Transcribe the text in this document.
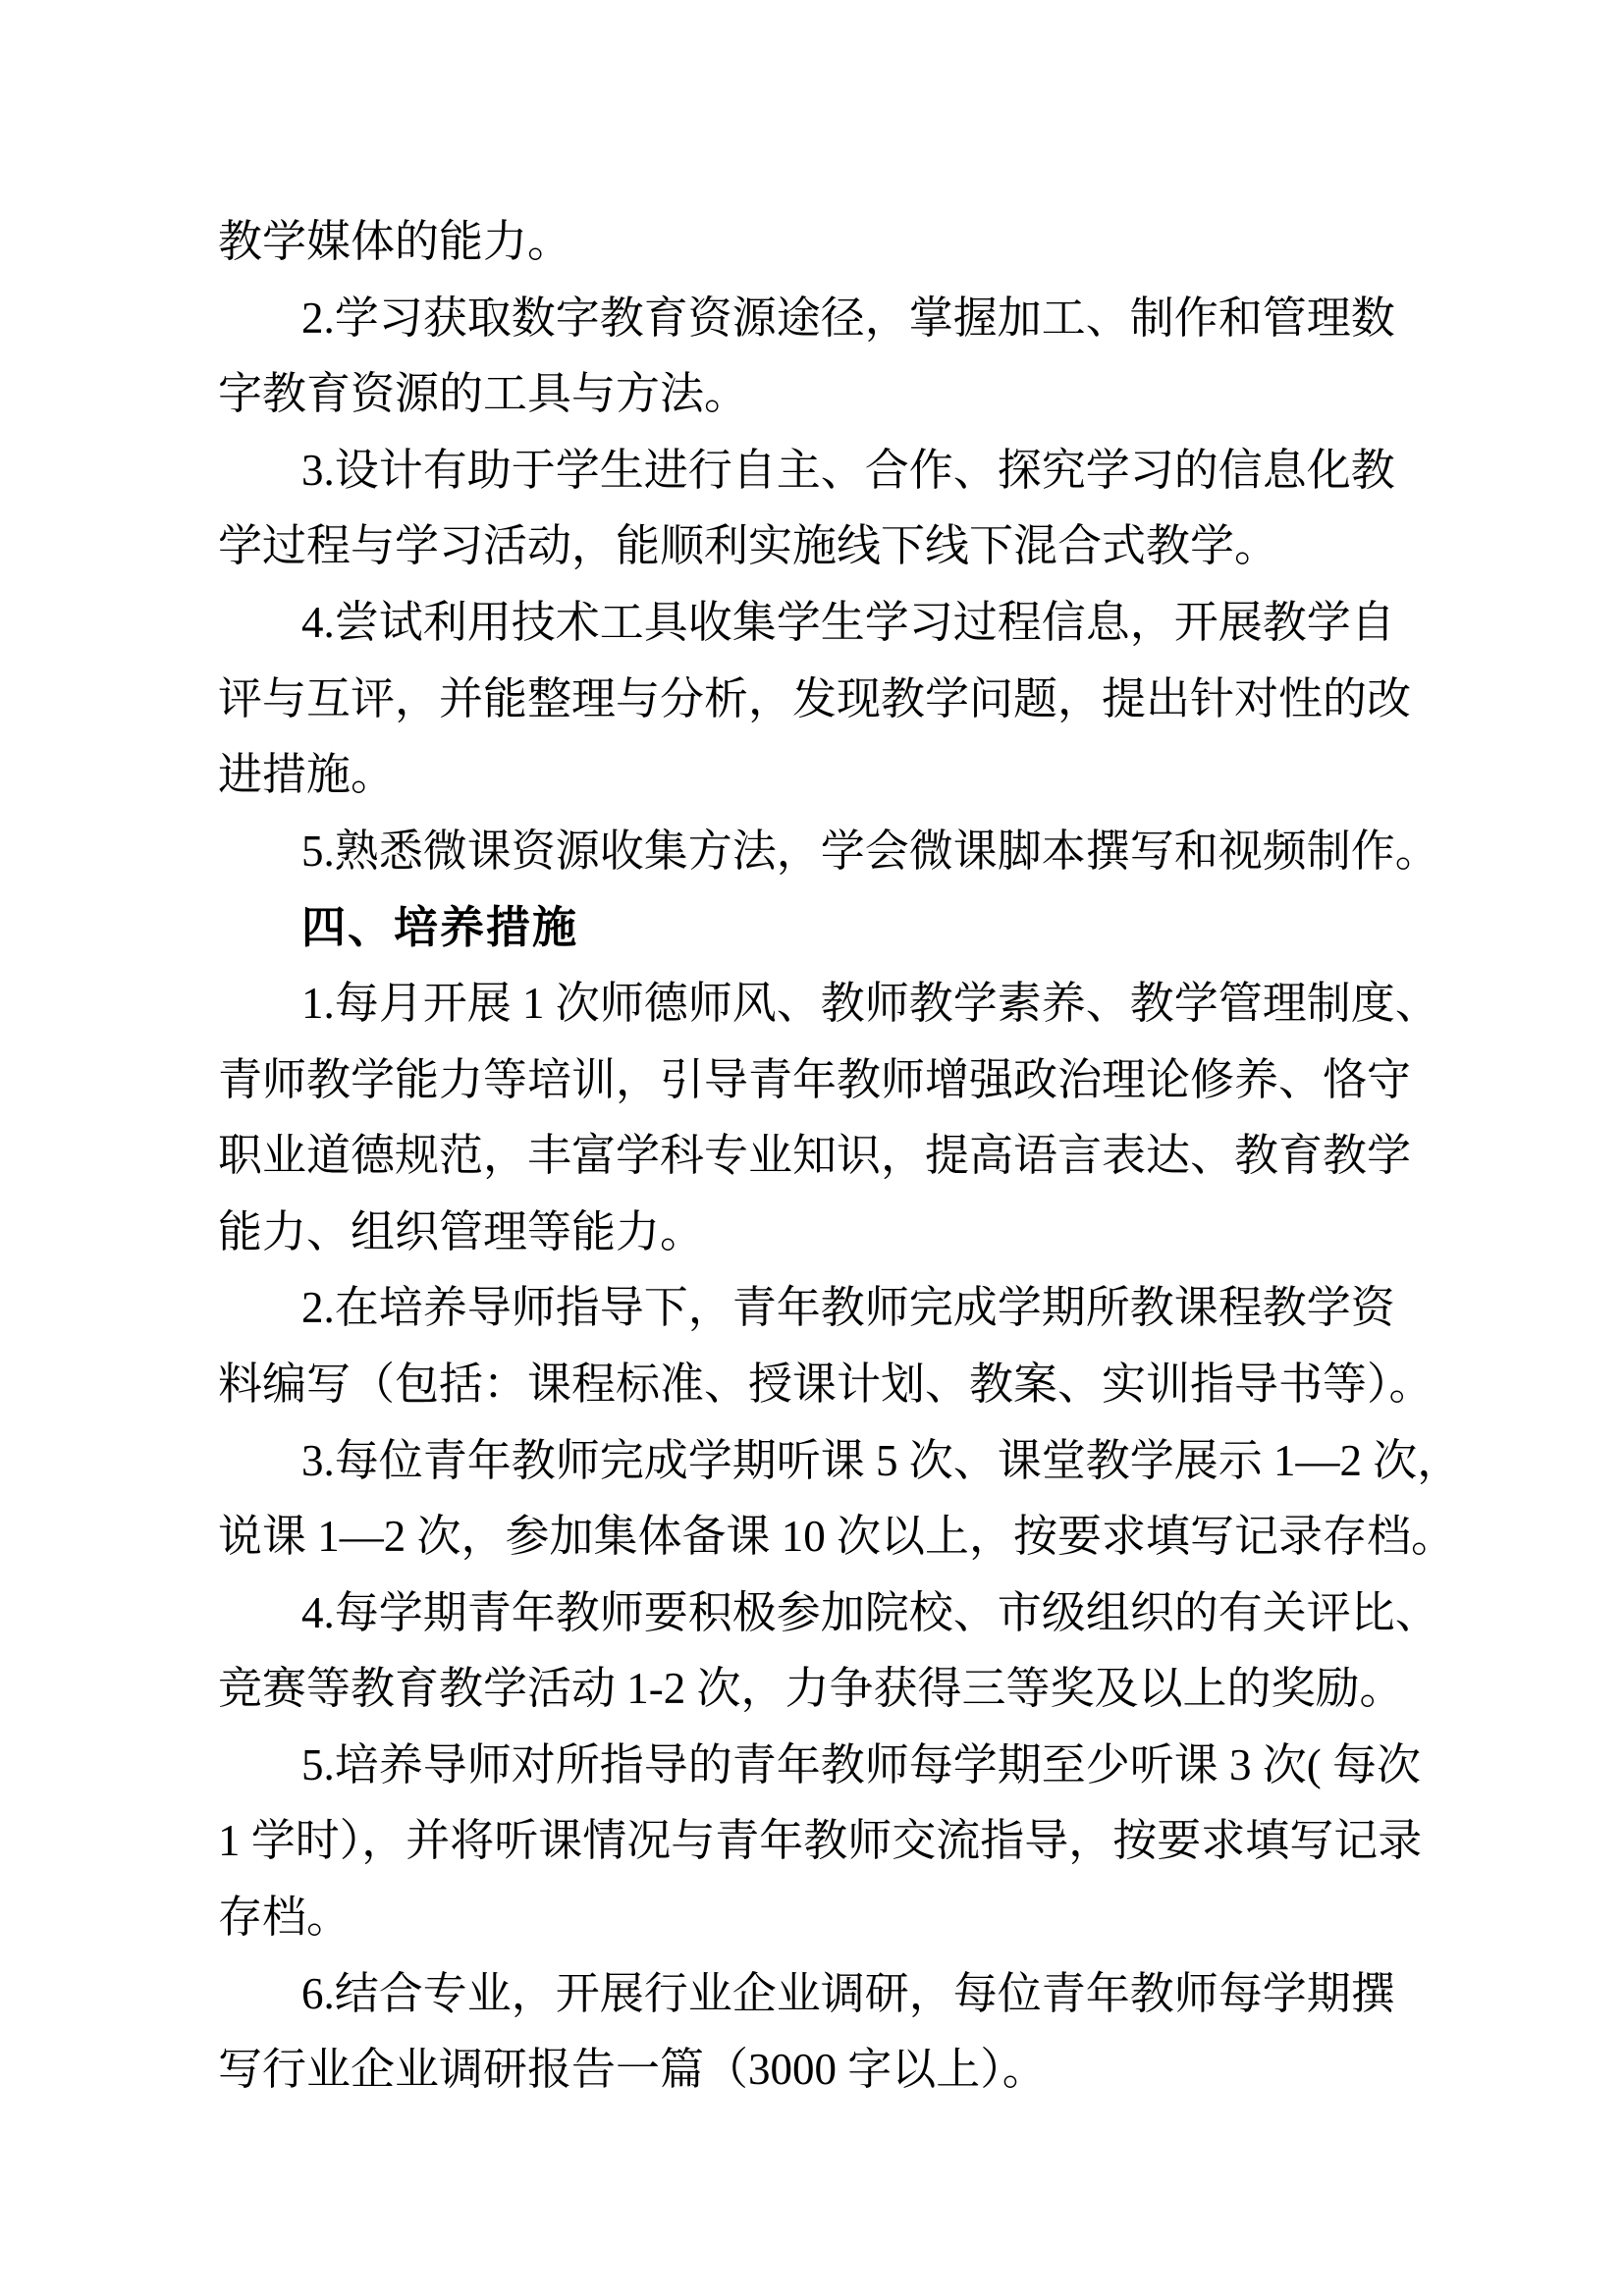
教学媒体的能力。
2.学习获取数字教育资源途径，掌握加工、制作和管理数
字教育资源的工具与方法。
3.设计有助于学生进行自主、合作、探究学习的信息化教
学过程与学习活动，能顺利实施线下线下混合式教学。
4.尝试利用技术工具收集学生学习过程信息，开展教学自
评与互评，并能整理与分析，发现教学问题，提出针对性的改
进措施。
5.熟悉微课资源收集方法，学会微课脚本撰写和视频制作。
四、培养措施
1.每月开展 1 次师德师风、教师教学素养、教学管理制度、
青师教学能力等培训，引导青年教师增强政治理论修养、恪守
职业道德规范，丰富学科专业知识，提高语言表达、教育教学
能力、组织管理等能力。
2.在培养导师指导下，青年教师完成学期所教课程教学资
料编写（包括：课程标准、授课计划、教案、实训指导书等）。
3.每位青年教师完成学期听课 5 次、课堂教学展示 1—2 次，
说课 1—2 次，参加集体备课 10 次以上，按要求填写记录存档。
4.每学期青年教师要积极参加院校、市级组织的有关评比、
竞赛等教育教学活动 1-2 次，力争获得三等奖及以上的奖励。
5.培养导师对所指导的青年教师每学期至少听课 3 次( 每次
1 学时），并将听课情况与青年教师交流指导，按要求填写记录
存档。
6.结合专业，开展行业企业调研，每位青年教师每学期撰
写行业企业调研报告一篇（3000 字以上）。
